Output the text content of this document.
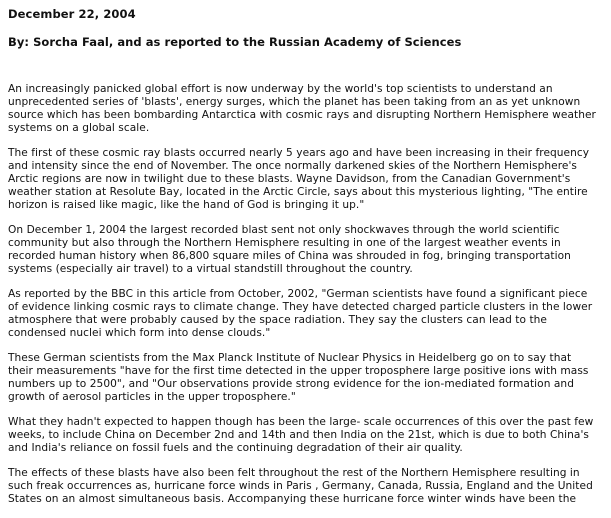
December 22, 2004
By: Sorcha Faal, and as reported to the Russian Academy of Sciences
An increasingly panicked global effort is now underway by the world's top scientists to understand an
unprecedented series of 'blasts', energy surges, which the planet has been taking from an as yet unknown
source which has been bombarding Antarctica with cosmic rays and disrupting Northern Hemisphere weather
systems on a global scale.
The first of these cosmic ray blasts occurred nearly 5 years ago and have been increasing in their frequency
and intensity since the end of November. The once normally darkened skies of the Northern Hemisphere's
Arctic regions are now in twilight due to these blasts. Wayne Davidson, from the Canadian Government's
weather station at Resolute Bay, located in the Arctic Circle, says about this mysterious lighting, "The entire
horizon is raised like magic, like the hand of God is bringing it up."
On December 1, 2004 the largest recorded blast sent not only shockwaves through the world scientific
community but also through the Northern Hemisphere resulting in one of the largest weather events in
recorded human history when 86,800 square miles of China was shrouded in fog, bringing transportation
systems (especially air travel) to a virtual standstill throughout the country.
As reported by the BBC in this article from October, 2002, "German scientists have found a significant piece
of evidence linking cosmic rays to climate change. They have detected charged particle clusters in the lower
atmosphere that were probably caused by the space radiation. They say the clusters can lead to the
condensed nuclei which form into dense clouds."
These German scientists from the Max Planck Institute of Nuclear Physics in Heidelberg go on to say that
their measurements "have for the first time detected in the upper troposphere large positive ions with mass
numbers up to 2500", and "Our observations provide strong evidence for the ion-mediated formation and
growth of aerosol particles in the upper troposphere."
What they hadn't expected to happen though has been the large- scale occurrences of this over the past few
weeks, to include China on December 2nd and 14th and then India on the 21st, which is due to both China's
and India's reliance on fossil fuels and the continuing degradation of their air quality.
The effects of these blasts have also been felt throughout the rest of the Northern Hemisphere resulting in
such freak occurrences as, hurricane force winds in Paris , Germany, Canada, Russia, England and the United
States on an almost simultaneous basis. Accompanying these hurricane force winter winds have been the
